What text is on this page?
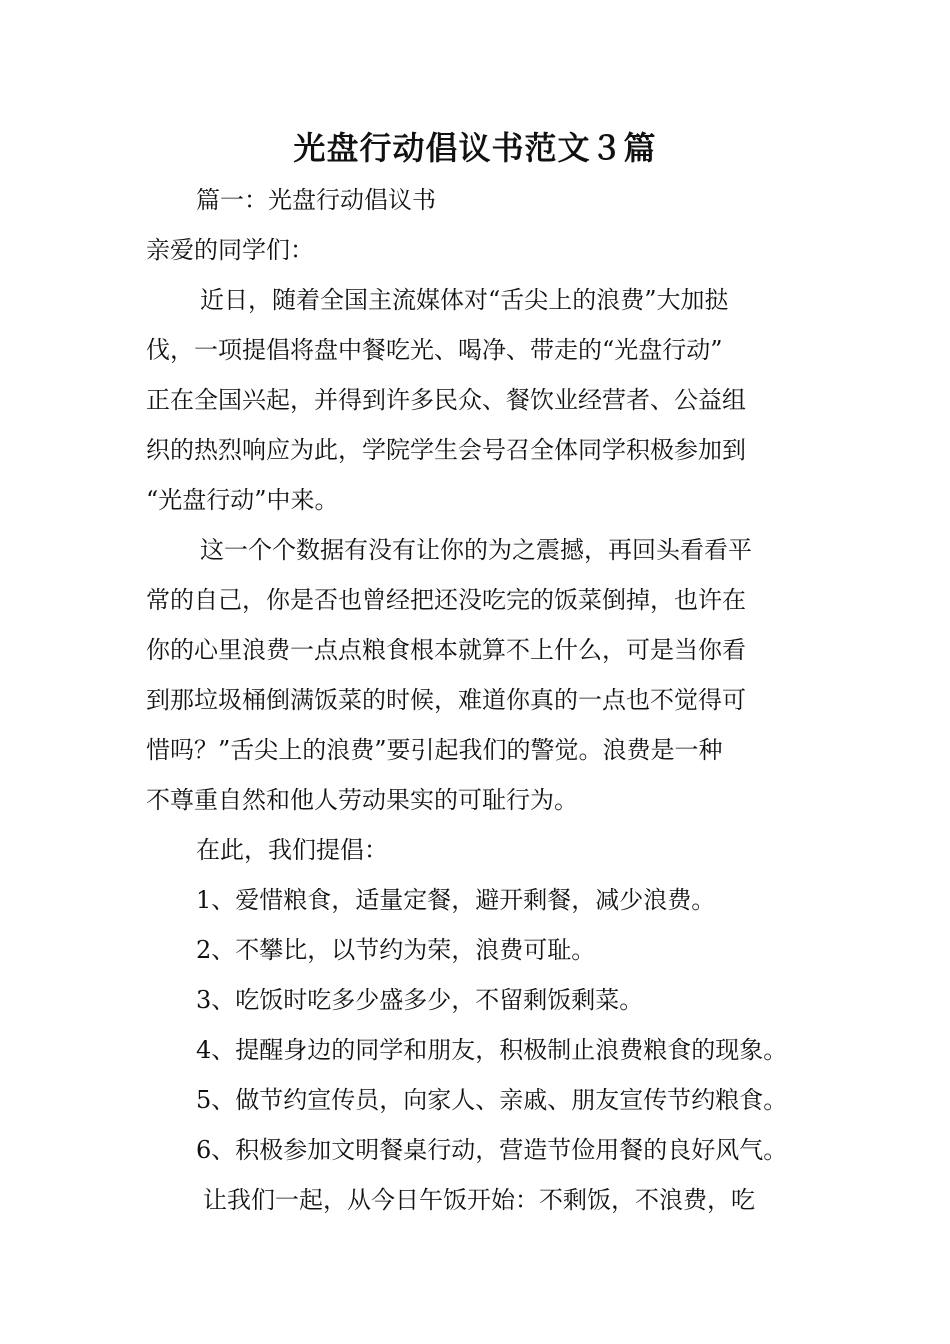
光盘行动倡议书范文３篇
篇一：光盘行动倡议书
亲爱的同学们：
近日，随着全国主流媒体对“舌尖上的浪费”大加挞
伐，一项提倡将盘中餐吃光、喝净、带走的“光盘行动”
正在全国兴起，并得到许多民众、餐饮业经营者、公益组
织的热烈响应为此，学院学生会号召全体同学积极参加到
“光盘行动”中来。
这一个个数据有没有让你的为之震撼，再回头看看平
常的自己，你是否也曾经把还没吃完的饭菜倒掉，也许在
你的心里浪费一点点粮食根本就算不上什么，可是当你看
到那垃圾桶倒满饭菜的时候，难道你真的一点也不觉得可
惜吗？”舌尖上的浪费”要引起我们的警觉。浪费是一种
不尊重自然和他人劳动果实的可耻行为。
在此，我们提倡：
1、爱惜粮食，适量定餐，避开剩餐，减少浪费。
2、不攀比，以节约为荣，浪费可耻。
3、吃饭时吃多少盛多少，不留剩饭剩菜。
4、提醒身边的同学和朋友，积极制止浪费粮食的现象。
5、做节约宣传员，向家人、亲戚、朋友宣传节约粮食。
6、积极参加文明餐桌行动，营造节俭用餐的良好风气。
让我们一起，从今日午饭开始：不剩饭，不浪费，吃
